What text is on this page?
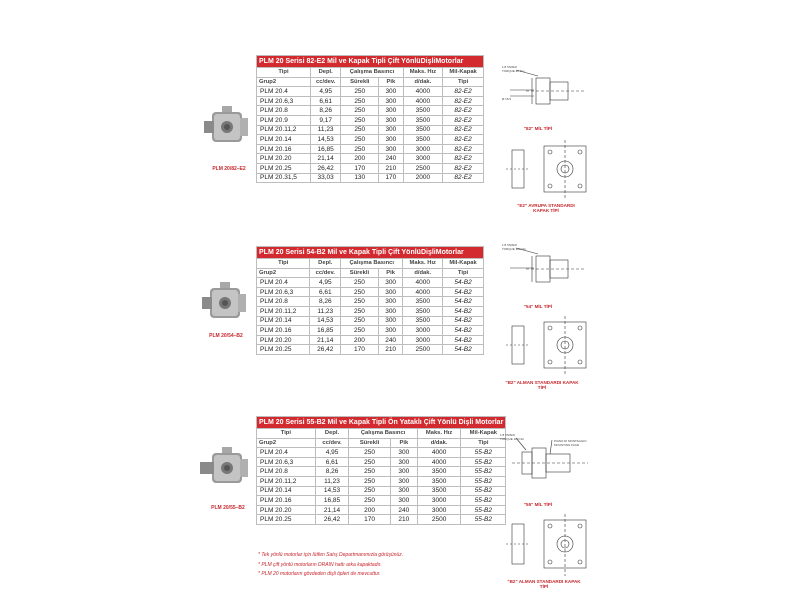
PLM 20/82–E2
PLM 20 Serisi 82-E2 Mil ve Kapak Tipli Çift YönlüDişliMotorlar					
Tipi	Depl.	Çalışma Basıncı		Maks. Hız	Mil-Kapak
Grup2	cc/dev.	Sürekli	Pik	d/dak.	Tipi
PLM 20.4	4,95	250	300	4000	82-E2
PLM 20.6,3	6,61	250	300	4000	82-E2
PLM 20.8	8,26	250	300	3500	82-E2
PLM 20.9	9,17	250	300	3500	82-E2
PLM 20.11,2	11,23	250	300	3500	82-E2
PLM 20.14	14,53	250	300	3500	82-E2
PLM 20.16	16,85	250	300	3000	82-E2
PLM 20.20	21,14	200	240	3000	82-E2
PLM 20.25	26,42	170	210	2500	82-E2
PLM 20.31,5	33,03	130	170	2000	82-E2
1:8 TAPER
TORQUE 20 Nm
Ø 16,5
"82" MİL TİPİ
"E2" AVRUPA STANDARDI KAPAK TİPİ
PLM 20/54–B2
PLM 20 Serisi 54-B2 Mil ve Kapak Tipli Çift YönlüDişliMotorlar					
Tipi	Depl.	Çalışma Basıncı		Maks. Hız	Mil-Kapak
Grup2	cc/dev.	Sürekli	Pik	d/dak.	Tipi
PLM 20.4	4,95	250	300	4000	54-B2
PLM 20.6,3	6,61	250	300	4000	54-B2
PLM 20.8	8,26	250	300	3500	54-B2
PLM 20.11,2	11,23	250	300	3500	54-B2
PLM 20.14	14,53	250	300	3500	54-B2
PLM 20.16	16,85	250	300	3000	54-B2
PLM 20.20	21,14	200	240	3000	54-B2
PLM 20.25	26,42	170	210	2500	54-B2
1:8 TAPER
TORQUE 100 Nm
"54" MİL TİPİ
"B2" ALMAN STANDARDI KAPAK TİPİ
PLM 20/55–B2
PLM 20 Serisi 55-B2 Mil ve Kapak Tipli Ön Yataklı Çift Yönlü Dişli Motorlar					
Tipi	Depl.	Çalışma Basıncı		Maks. Hız	Mil-Kapak
Grup2	cc/dev.	Sürekli	Pik	d/dak.	Tipi
PLM 20.4	4,95	250	300	4000	55-B2
PLM 20.6,3	6,61	250	300	4000	55-B2
PLM 20.8	8,26	250	300	3500	55-B2
PLM 20.11,2	11,23	250	300	3500	55-B2
PLM 20.14	14,53	250	300	3500	55-B2
PLM 20.16	16,85	250	300	3000	55-B2
PLM 20.20	21,14	200	240	3000	55-B2
PLM 20.25	26,42	170	210	2500	55-B2
1:8 TAPER
TORQUE 100 Nm	PIANO DI MONTAGGIO
MOUNTING FACE
"55" MİL TİPİ
"B2" ALMAN STANDARDI KAPAK TİPİ
* Tek yönlü motorlar için lütfen Satış Departmanımızla görüşünüz.
* PLM çift yönlü motorların DRAIN hattı arka kapaktadır.
* PLM 20 motorların gövdeden dişli tipleri de mevcuttur.
